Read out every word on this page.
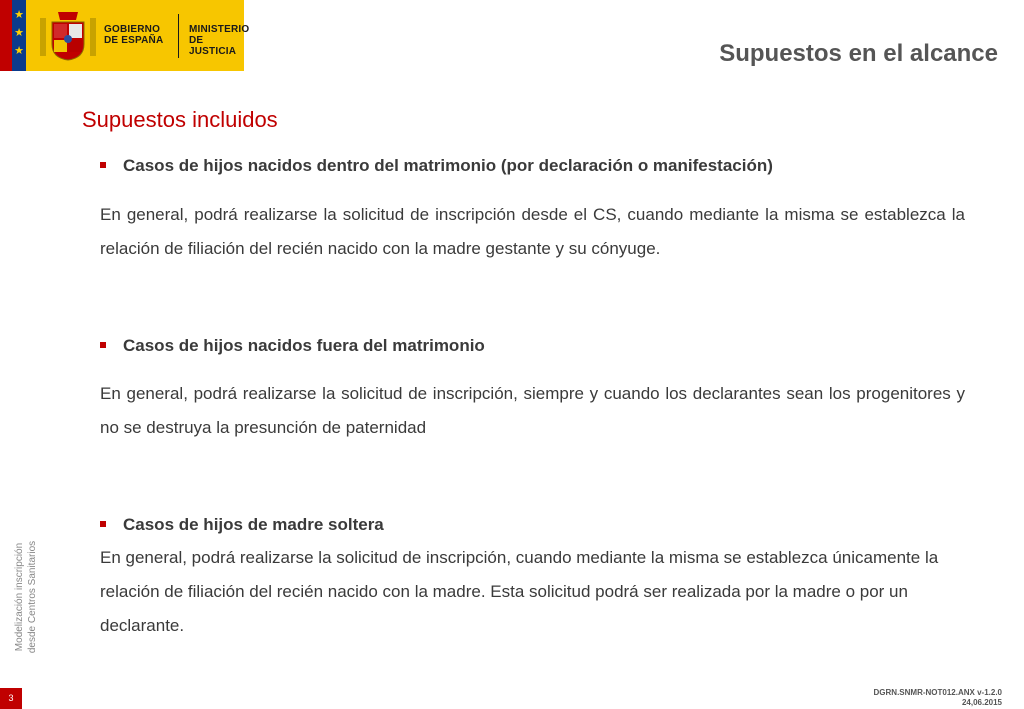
★
★
★
GOBIERNO
DE ESPAÑA
MINISTERIO
DE JUSTICIA	Supuestos en el alcance
Supuestos incluidos
Casos de hijos nacidos dentro del matrimonio (por declaración o manifestación)
En general, podrá realizarse la solicitud de inscripción desde el CS, cuando mediante la misma se establezca la relación de filiación del recién nacido con la madre gestante y su cónyuge.
Casos de hijos nacidos fuera del matrimonio
En general, podrá realizarse la solicitud de inscripción, siempre y cuando los declarantes sean los progenitores y no se destruya la presunción de paternidad
Casos de hijos de madre soltera
En general, podrá realizarse la solicitud de inscripción, cuando mediante la misma se establezca únicamente la relación de filiación del recién nacido con la madre. Esta solicitud podrá ser realizada por la madre o por un declarante.
Modelización inscripción
desde Centros Sanitarios
3
DGRN.SNMR-NOT012.ANX v-1.2.0
24,06.2015
